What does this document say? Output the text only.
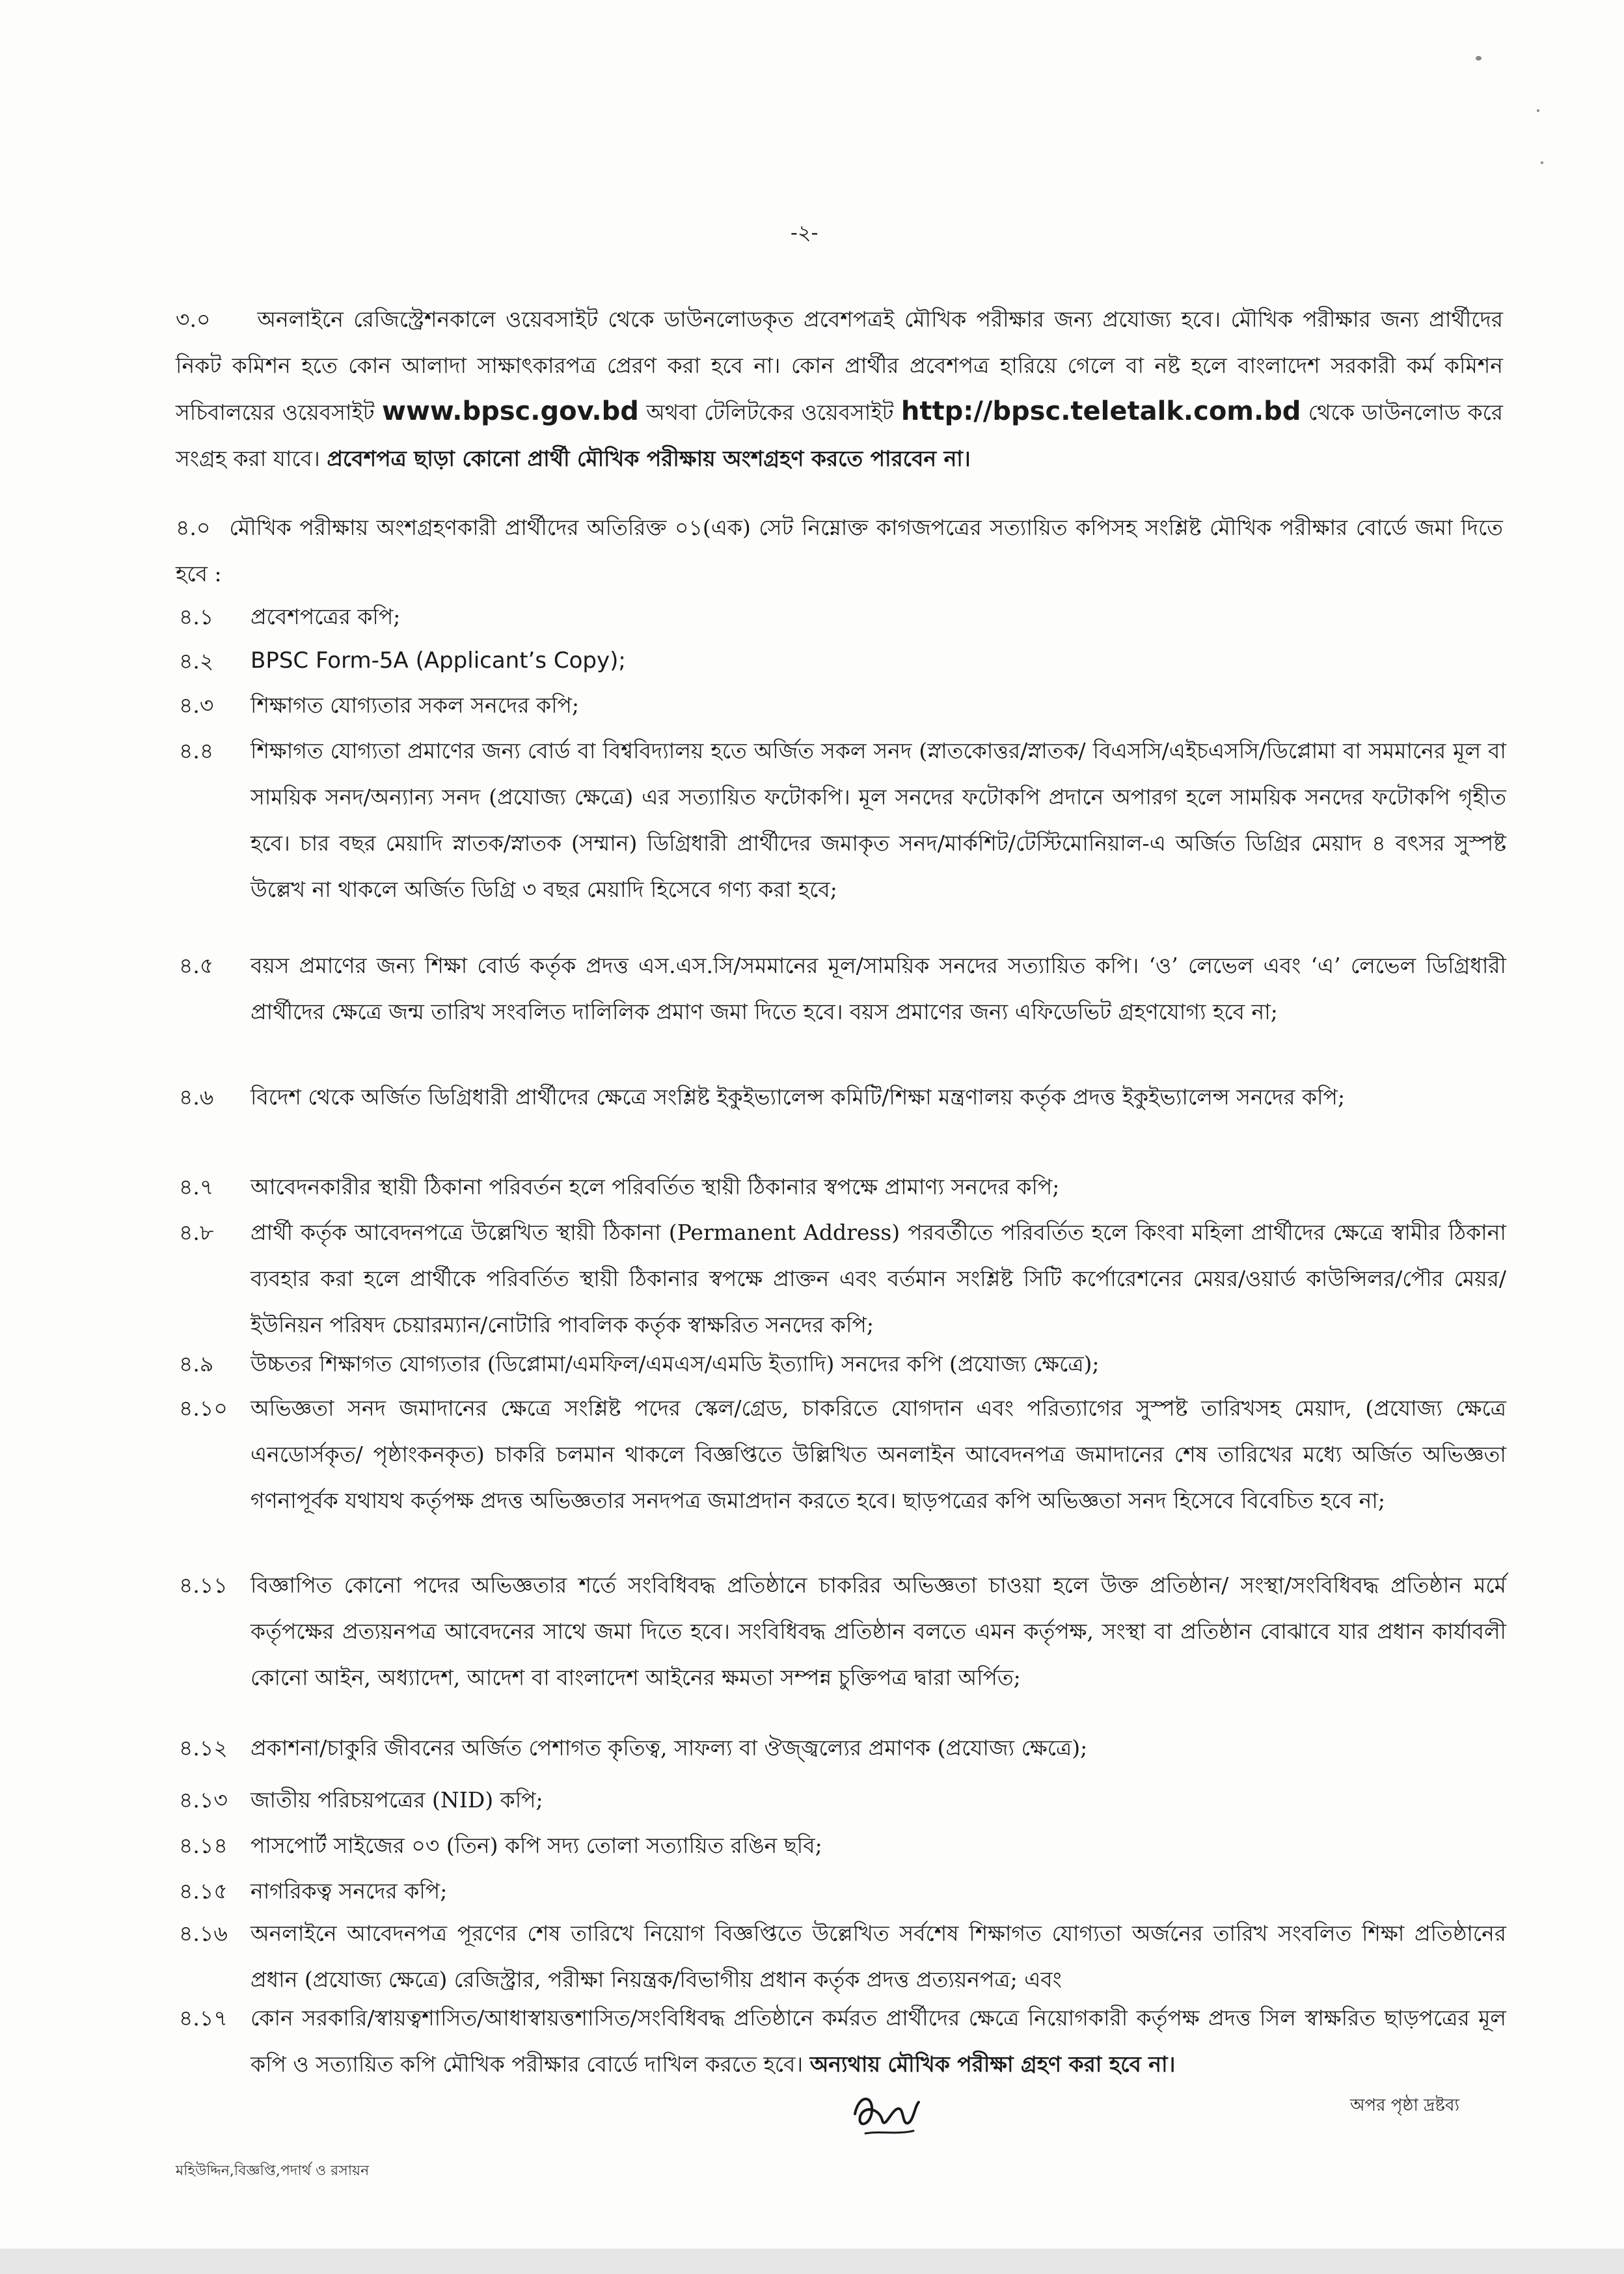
-২-
৩.০ অনলাইনে রেজিস্ট্রেশনকালে ওয়েবসাইট থেকে ডাউনলোডকৃত প্রবেশপত্রই মৌখিক পরীক্ষার জন্য প্রযোজ্য হবে। মৌখিক পরীক্ষার জন্য প্রার্থীদের নিকট কমিশন হতে কোন আলাদা সাক্ষাৎকারপত্র প্রেরণ করা হবে না। কোন প্রার্থীর প্রবেশপত্র হারিয়ে গেলে বা নষ্ট হলে বাংলাদেশ সরকারী কর্ম কমিশন সচিবালয়ের ওয়েবসাইট www.bpsc.gov.bd অথবা টেলিটকের ওয়েবসাইট http://bpsc.teletalk.com.bd থেকে ডাউনলোড করে সংগ্রহ করা যাবে। প্রবেশপত্র ছাড়া কোনো প্রার্থী মৌখিক পরীক্ষায় অংশগ্রহণ করতে পারবেন না।
৪.০ মৌখিক পরীক্ষায় অংশগ্রহণকারী প্রার্থীদের অতিরিক্ত ০১(এক) সেট নিম্নোক্ত কাগজপত্রের সত্যায়িত কপিসহ সংশ্লিষ্ট মৌখিক পরীক্ষার বোর্ডে জমা দিতে হবে :
৪.১	প্রবেশপত্রের কপি;
৪.২	BPSC Form-5A (Applicant’s Copy);
৪.৩	শিক্ষাগত যোগ্যতার সকল সনদের কপি;
৪.৪	শিক্ষাগত যোগ্যতা প্রমাণের জন্য বোর্ড বা বিশ্ববিদ্যালয় হতে অর্জিত সকল সনদ (স্নাতকোত্তর/স্নাতক/ বিএসসি/এইচএসসি/ডিপ্লোমা বা সমমানের মূল বা সাময়িক সনদ/অন্যান্য সনদ (প্রযোজ্য ক্ষেত্রে) এর সত্যায়িত ফটোকপি। মূল সনদের ফটোকপি প্রদানে অপারগ হলে সাময়িক সনদের ফটোকপি গৃহীত হবে। চার বছর মেয়াদি স্নাতক/স্নাতক (সম্মান) ডিগ্রিধারী প্রার্থীদের জমাকৃত সনদ/মার্কশিট/টেস্টিমোনিয়াল-এ অর্জিত ডিগ্রির মেয়াদ ৪ বৎসর সুস্পষ্ট উল্লেখ না থাকলে অর্জিত ডিগ্রি ৩ বছর মেয়াদি হিসেবে গণ্য করা হবে;
৪.৫	বয়স প্রমাণের জন্য শিক্ষা বোর্ড কর্তৃক প্রদত্ত এস.এস.সি/সমমানের মূল/সাময়িক সনদের সত্যায়িত কপি। ‘ও’ লেভেল এবং ‘এ’ লেভেল ডিগ্রিধারী প্রার্থীদের ক্ষেত্রে জন্ম তারিখ সংবলিত দালিলিক প্রমাণ জমা দিতে হবে। বয়স প্রমাণের জন্য এফিডেভিট গ্রহণযোগ্য হবে না;
৪.৬	বিদেশ থেকে অর্জিত ডিগ্রিধারী প্রার্থীদের ক্ষেত্রে সংশ্লিষ্ট ইকুইভ্যালেন্স কমিটি/শিক্ষা মন্ত্রণালয় কর্তৃক প্রদত্ত ইকুইভ্যালেন্স সনদের কপি;
৪.৭	আবেদনকারীর স্থায়ী ঠিকানা পরিবর্তন হলে পরিবর্তিত স্থায়ী ঠিকানার স্বপক্ষে প্রামাণ্য সনদের কপি;
৪.৮	প্রার্থী কর্তৃক আবেদনপত্রে উল্লেখিত স্থায়ী ঠিকানা (Permanent Address) পরবর্তীতে পরিবর্তিত হলে কিংবা মহিলা প্রার্থীদের ক্ষেত্রে স্বামীর ঠিকানা ব্যবহার করা হলে প্রার্থীকে পরিবর্তিত স্থায়ী ঠিকানার স্বপক্ষে প্রাক্তন এবং বর্তমান সংশ্লিষ্ট সিটি কর্পোরেশনের মেয়র/ওয়ার্ড কাউন্সিলর/পৌর মেয়র/ইউনিয়ন পরিষদ চেয়ারম্যান/নোটারি পাবলিক কর্তৃক স্বাক্ষরিত সনদের কপি;
৪.৯	উচ্চতর শিক্ষাগত যোগ্যতার (ডিপ্লোমা/এমফিল/এমএস/এমডি ইত্যাদি) সনদের কপি (প্রযোজ্য ক্ষেত্রে);
৪.১০	অভিজ্ঞতা সনদ জমাদানের ক্ষেত্রে সংশ্লিষ্ট পদের স্কেল/গ্রেড, চাকরিতে যোগদান এবং পরিত্যাগের সুস্পষ্ট তারিখসহ মেয়াদ, (প্রযোজ্য ক্ষেত্রে এনডোর্সকৃত/ পৃষ্ঠাংকনকৃত) চাকরি চলমান থাকলে বিজ্ঞপ্তিতে উল্লিখিত অনলাইন আবেদনপত্র জমাদানের শেষ তারিখের মধ্যে অর্জিত অভিজ্ঞতা গণনাপূর্বক যথাযথ কর্তৃপক্ষ প্রদত্ত অভিজ্ঞতার সনদপত্র জমাপ্রদান করতে হবে। ছাড়পত্রের কপি অভিজ্ঞতা সনদ হিসেবে বিবেচিত হবে না;
৪.১১	বিজ্ঞাপিত কোনো পদের অভিজ্ঞতার শর্তে সংবিধিবদ্ধ প্রতিষ্ঠানে চাকরির অভিজ্ঞতা চাওয়া হলে উক্ত প্রতিষ্ঠান/ সংস্থা/সংবিধিবদ্ধ প্রতিষ্ঠান মর্মে কর্তৃপক্ষের প্রত্যয়নপত্র আবেদনের সাথে জমা দিতে হবে। সংবিধিবদ্ধ প্রতিষ্ঠান বলতে এমন কর্তৃপক্ষ, সংস্থা বা প্রতিষ্ঠান বোঝাবে যার প্রধান কার্যাবলী কোনো আইন, অধ্যাদেশ, আদেশ বা বাংলাদেশ আইনের ক্ষমতা সম্পন্ন চুক্তিপত্র দ্বারা অর্পিত;
৪.১২	প্রকাশনা/চাকুরি জীবনের অর্জিত পেশাগত কৃতিত্ব, সাফল্য বা ঔজ্জ্বল্যের প্রমাণক (প্রযোজ্য ক্ষেত্রে);
৪.১৩	জাতীয় পরিচয়পত্রের (NID) কপি;
৪.১৪	পাসপোর্ট সাইজের ০৩ (তিন) কপি সদ্য তোলা সত্যায়িত রঙিন ছবি;
৪.১৫	নাগরিকত্ব সনদের কপি;
৪.১৬	অনলাইনে আবেদনপত্র পূরণের শেষ তারিখে নিয়োগ বিজ্ঞপ্তিতে উল্লেখিত সর্বশেষ শিক্ষাগত যোগ্যতা অর্জনের তারিখ সংবলিত শিক্ষা প্রতিষ্ঠানের প্রধান (প্রযোজ্য ক্ষেত্রে) রেজিস্ট্রার, পরীক্ষা নিয়ন্ত্রক/বিভাগীয় প্রধান কর্তৃক প্রদত্ত প্রত্যয়নপত্র; এবং
৪.১৭	কোন সরকারি/স্বায়ত্বশাসিত/আধাস্বায়ত্তশাসিত/সংবিধিবদ্ধ প্রতিষ্ঠানে কর্মরত প্রার্থীদের ক্ষেত্রে নিয়োগকারী কর্তৃপক্ষ প্রদত্ত সিল স্বাক্ষরিত ছাড়পত্রের মূল কপি ও সত্যায়িত কপি মৌখিক পরীক্ষার বোর্ডে দাখিল করতে হবে। অন্যথায় মৌখিক পরীক্ষা গ্রহণ করা হবে না।
অপর পৃষ্ঠা দ্রষ্টব্য
মহিউদ্দিন,বিজ্ঞপ্তি,পদার্থ ও রসায়ন
